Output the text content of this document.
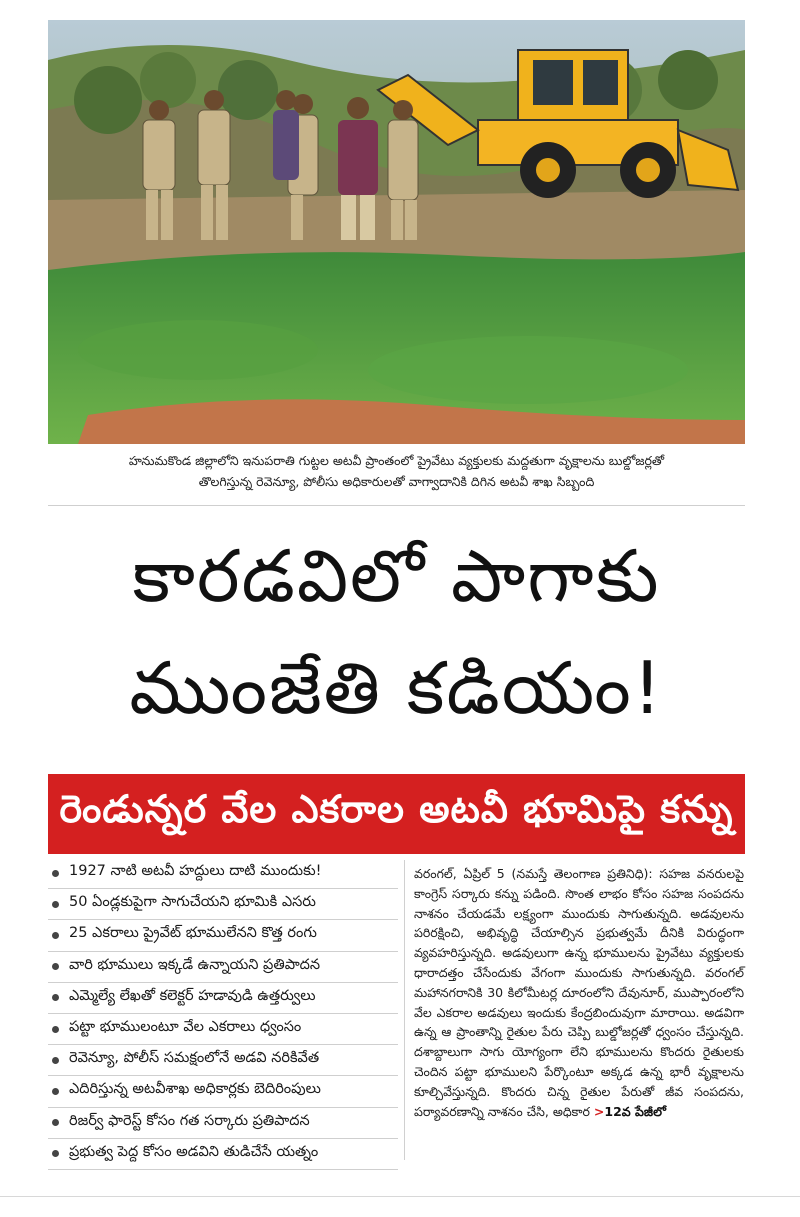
హనుమకొండ జిల్లాలోని ఇనుపరాతి గుట్టల అటవీ ప్రాంతంలో ప్రైవేటు వ్యక్తులకు మద్దతుగా వృక్షాలను బుల్డోజర్లతో
తొలగిస్తున్న రెవెన్యూ, పోలీసు అధికారులతో వాగ్వాదానికి దిగిన అటవీ శాఖ సిబ్బంది
కారడవిలో పాగాకు
ముంజేతి కడియం!
రెండున్నర వేల ఎకరాల అటవీ భూమిపై కన్ను
1927 నాటి అటవీ హద్దులు దాటి ముందుకు!
50 ఏండ్లకుపైగా సాగుచేయని భూమికి ఎసరు
25 ఎకరాలు ప్రైవేట్ భూములేనని కొత్త రంగు
వారి భూములు ఇక్కడే ఉన్నాయని ప్రతిపాదన
ఎమ్మెల్యే లేఖతో కలెక్టర్ హడావుడి ఉత్తర్వులు
పట్టా భూములంటూ వేల ఎకరాలు ధ్వంసం
రెవెన్యూ, పోలీస్ సమక్షంలోనే అడవి నరికివేత
ఎదిరిస్తున్న అటవీశాఖ అధికార్లకు బెదిరింపులు
రిజర్వ్ ఫారెస్ట్ కోసం గత సర్కారు ప్రతిపాదన
ప్రభుత్వ పెద్ద కోసం అడవిని తుడిచేసే యత్నం

వరంగల్, ఏప్రిల్ 5 (నమస్తే తెలంగాణ ప్రతినిధి): సహజ వనరులపై కాంగ్రెస్ సర్కారు కన్ను పడింది. సొంత లాభం కోసం సహజ సంపదను నాశనం చేయడమే లక్ష్యంగా ముందుకు సాగుతున్నది. అడవులను పరిరక్షించి, అభివృద్ధి చేయాల్సిన ప్రభుత్వమే దీనికి విరుద్ధంగా వ్యవహరిస్తున్నది. అడవులుగా ఉన్న భూములను ప్రైవేటు వ్యక్తులకు ధారాదత్తం చేసేందుకు వేగంగా ముందుకు సాగుతున్నది. వరంగల్ మహానగరానికి 30 కిలోమీటర్ల దూరంలోని దేవునూర్, ముప్పారంలోని వేల ఎకరాల అడవులు ఇందుకు కేంద్రబిందువుగా మారాయి. అడవిగా ఉన్న ఆ ప్రాంతాన్ని రైతుల పేరు చెప్పి బుల్డోజర్లతో ధ్వంసం చేస్తున్నది. దశాబ్దాలుగా సాగు యోగ్యంగా లేని భూములను కొందరు రైతులకు చెందిన పట్టా భూములని పేర్కొంటూ అక్కడ ఉన్న భారీ వృక్షాలను కూల్చివేస్తున్నది. కొందరు చిన్న రైతుల పేరుతో జీవ సంపదను, పర్యావరణాన్ని నాశనం చేసి, అధికార >12వ పేజీలో
